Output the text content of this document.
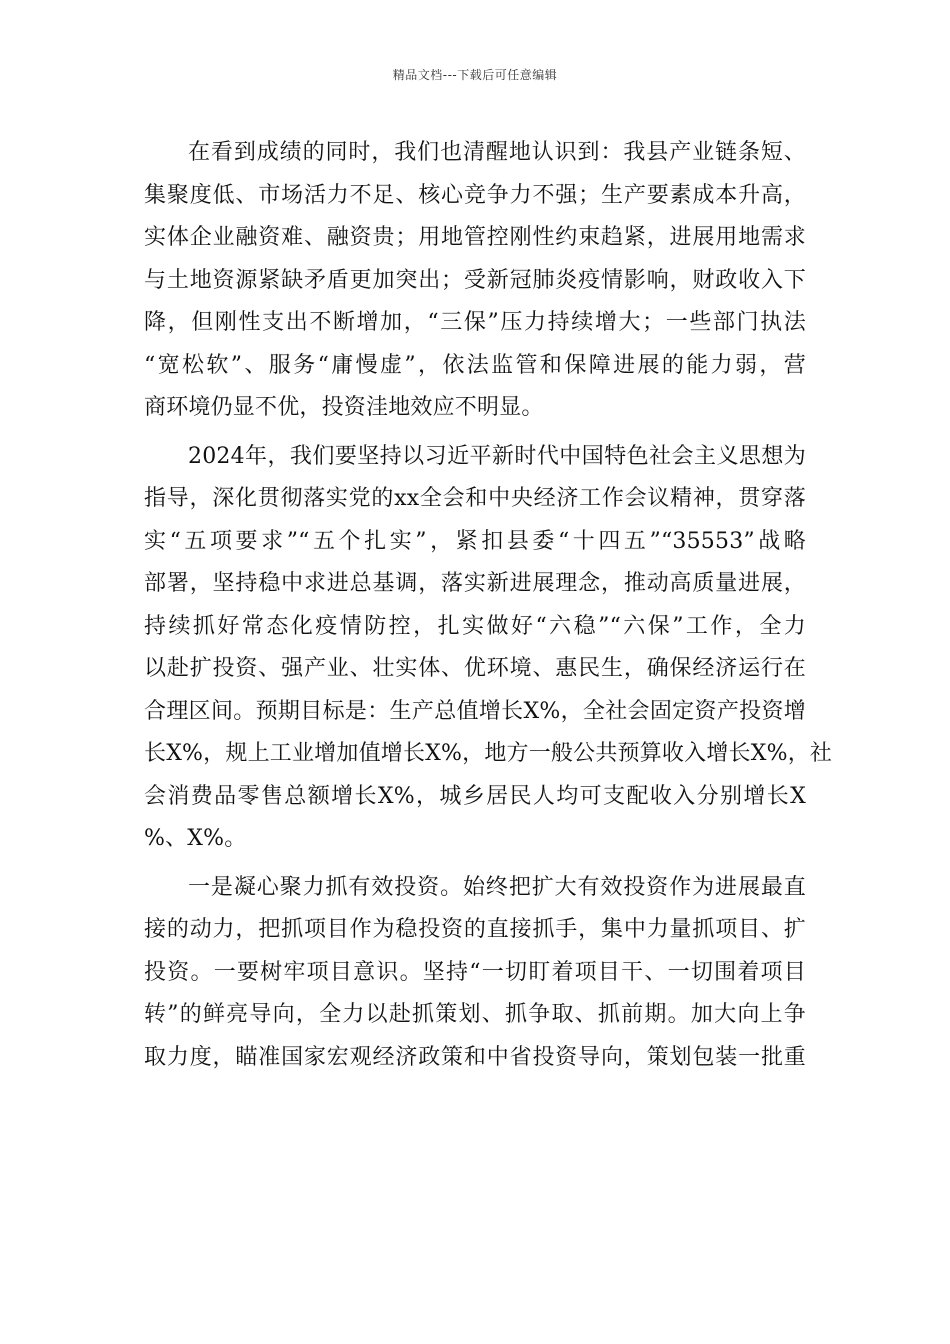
精品文档---下载后可任意编辑
在看到成绩的同时，我们也清醒地认识到：我县产业链条短、
集聚度低、市场活力不足、核心竞争力不强；生产要素成本升高，
实体企业融资难、融资贵；用地管控刚性约束趋紧，进展用地需求
与土地资源紧缺矛盾更加突出；受新冠肺炎疫情影响，财政收入下
降，但刚性支出不断增加，“三保”压力持续增大；一些部门执法
“宽松软”、服务“庸慢虚”，依法监管和保障进展的能力弱，营
商环境仍显不优，投资洼地效应不明显。
2024年，我们要坚持以习近平新时代中国特色社会主义思想为
指导，深化贯彻落实党的xx全会和中央经济工作会议精神，贯穿落
实“五项要求”“五个扎实”，紧扣县委“十四五”“35553”战略
部署，坚持稳中求进总基调，落实新进展理念，推动高质量进展，
持续抓好常态化疫情防控，扎实做好“六稳”“六保”工作，全力
以赴扩投资、强产业、壮实体、优环境、惠民生，确保经济运行在
合理区间。预期目标是：生产总值增长X%，全社会固定资产投资增
长X%，规上工业增加值增长X%，地方一般公共预算收入增长X%，社
会消费品零售总额增长X%，城乡居民人均可支配收入分别增长X
%、X%。
一是凝心聚力抓有效投资。始终把扩大有效投资作为进展最直
接的动力，把抓项目作为稳投资的直接抓手，集中力量抓项目、扩
投资。一要树牢项目意识。坚持“一切盯着项目干、一切围着项目
转”的鲜亮导向，全力以赴抓策划、抓争取、抓前期。加大向上争
取力度，瞄准国家宏观经济政策和中省投资导向，策划包装一批重
